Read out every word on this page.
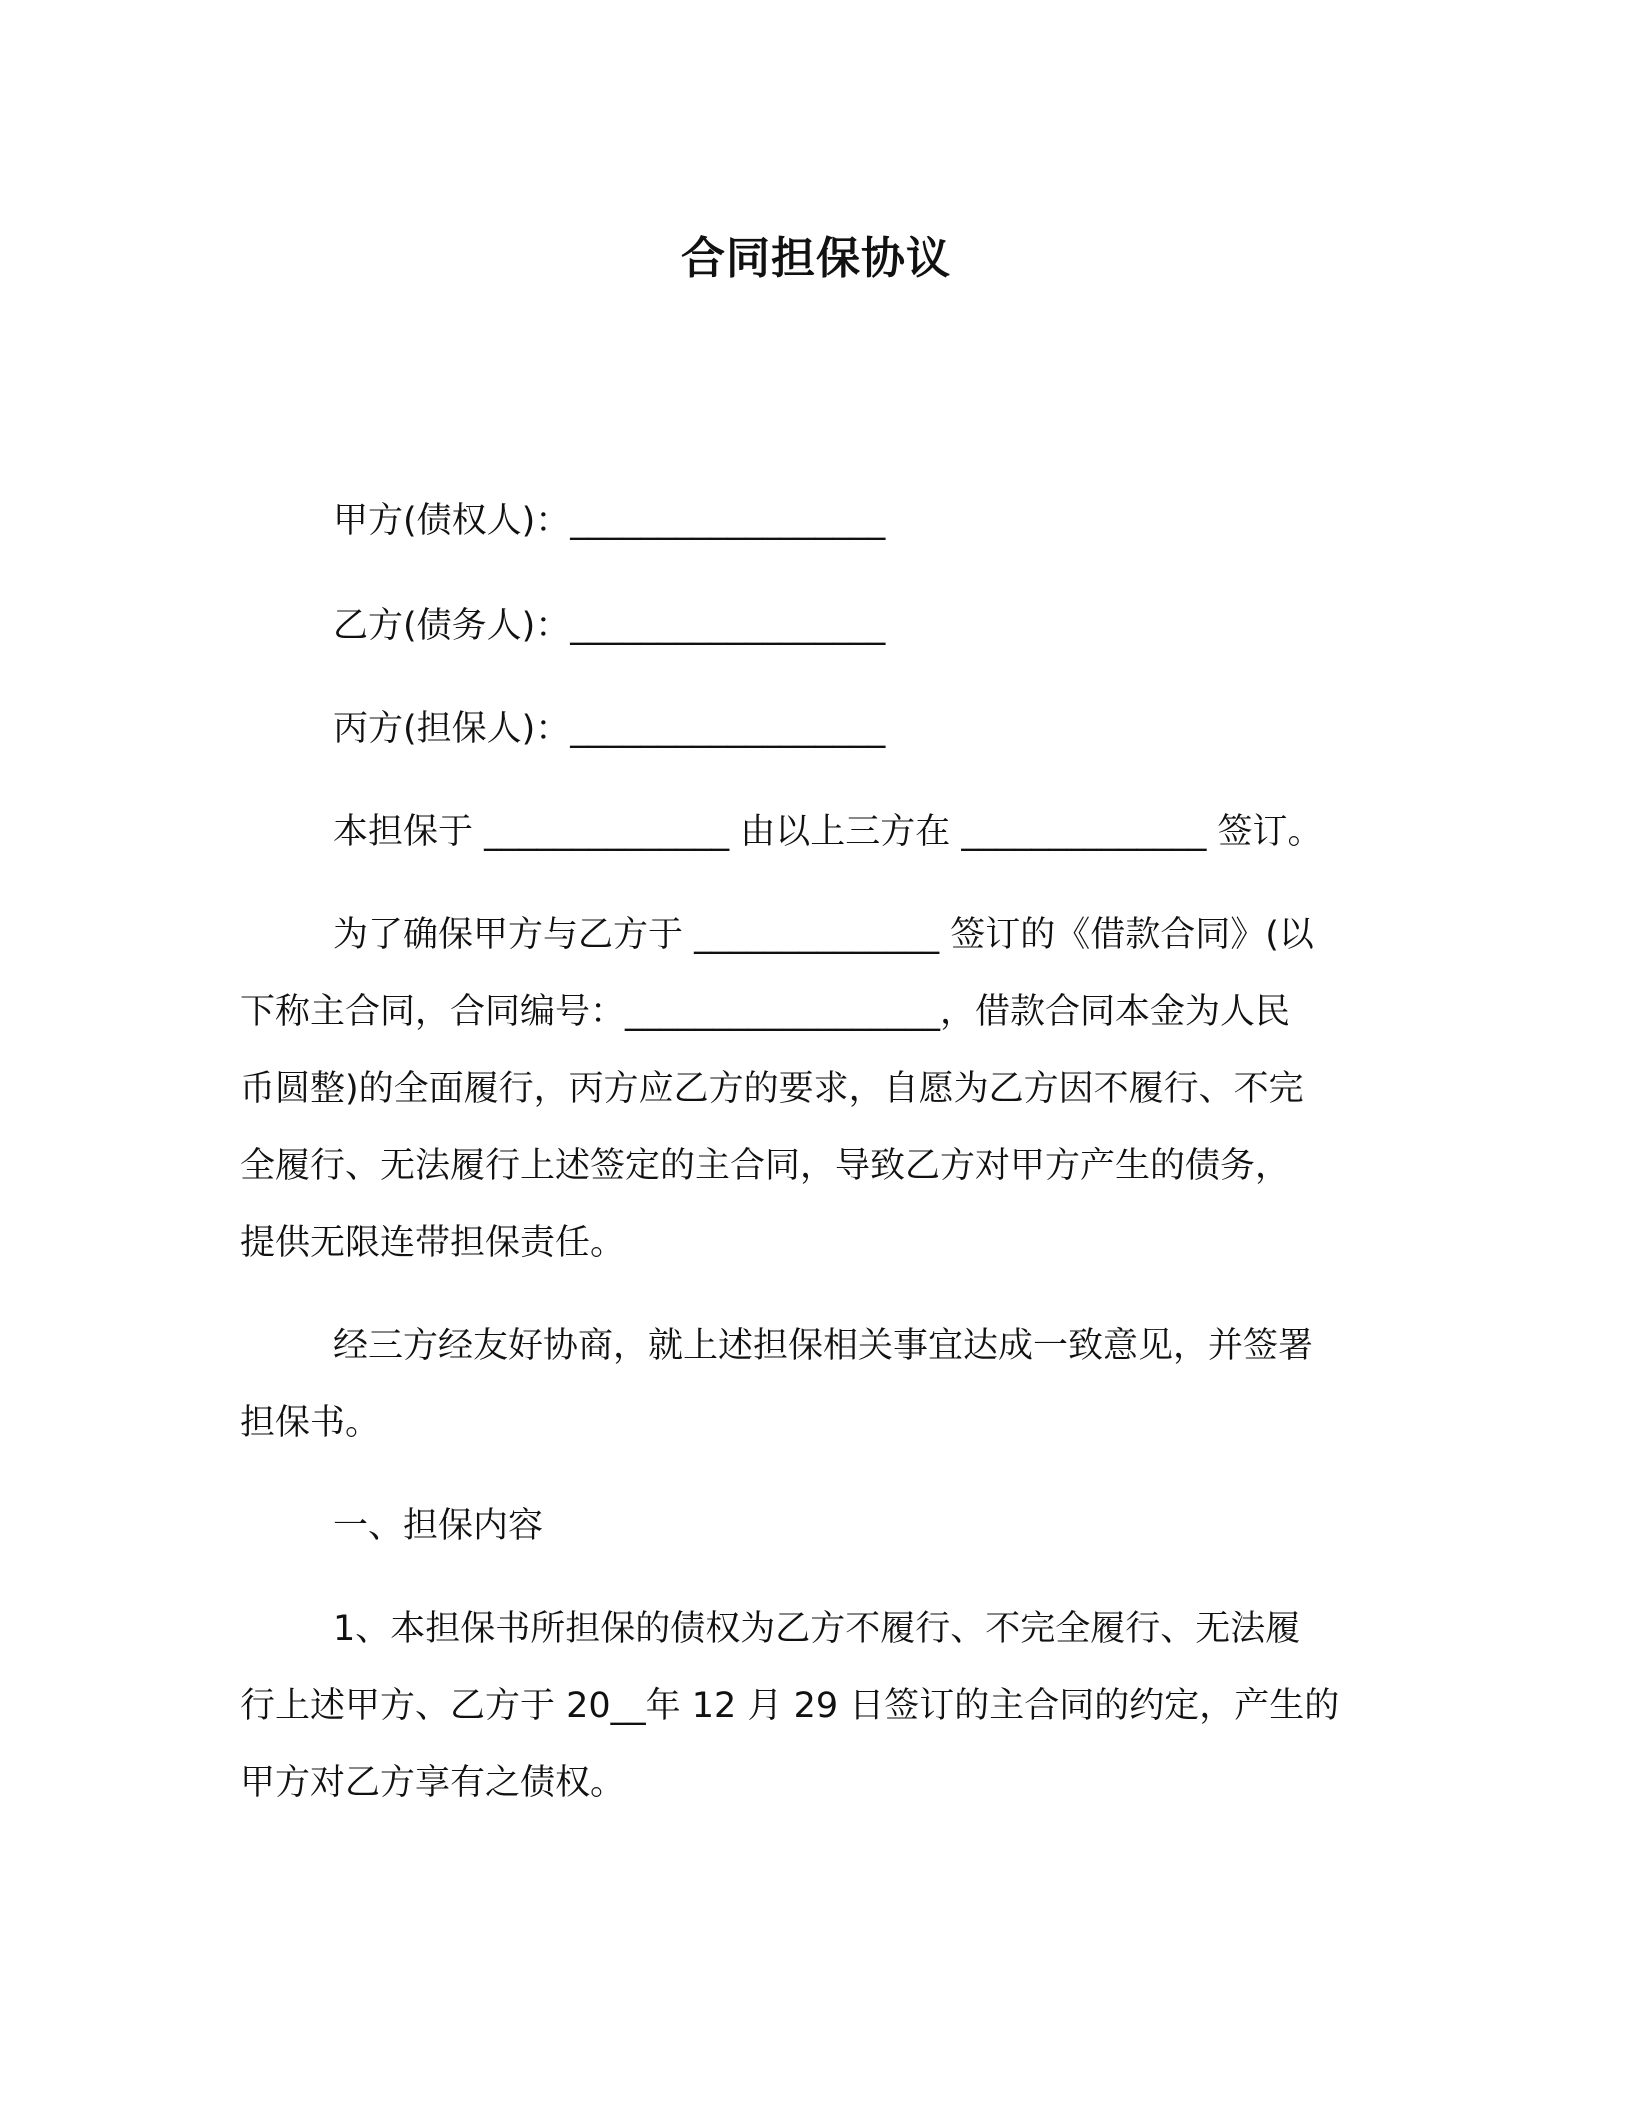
合同担保协议
甲方(债权人)：__________________
乙方(债务人)：__________________
丙方(担保人)：__________________
本担保于 ______________ 由以上三方在 ______________ 签订。
为了确保甲方与乙方于 ______________ 签订的《借款合同》(以
下称主合同，合同编号：__________________，借款合同本金为人民
币圆整)的全面履行，丙方应乙方的要求，自愿为乙方因不履行、不完
全履行、无法履行上述签定的主合同，导致乙方对甲方产生的债务，
提供无限连带担保责任。
经三方经友好协商，就上述担保相关事宜达成一致意见，并签署
担保书。
一、担保内容
1、本担保书所担保的债权为乙方不履行、不完全履行、无法履
行上述甲方、乙方于 20__年 12 月 29 日签订的主合同的约定，产生的
甲方对乙方享有之债权。
